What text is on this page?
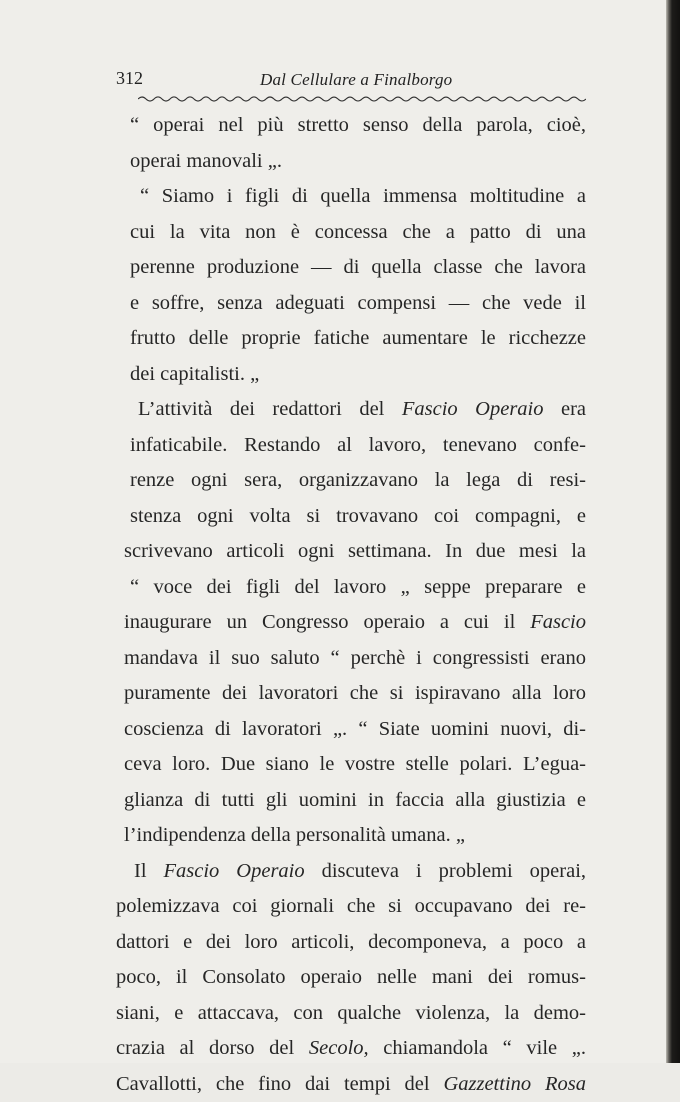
312	Dal Cellulare a Finalborgo
“ operai nel più stretto senso della parola, cioè,
operai manovali „.
“ Siamo i figli di quella immensa moltitudine a
cui la vita non è concessa che a patto di una
perenne produzione — di quella classe che lavora
e soffre, senza adeguati compensi — che vede il
frutto delle proprie fatiche aumentare le ricchezze
dei capitalisti. „
L’attività dei redattori del Fascio Operaio era
infaticabile. Restando al lavoro, tenevano confe-
renze ogni sera, organizzavano la lega di resi-
stenza ogni volta si trovavano coi compagni, e
scrivevano articoli ogni settimana. In due mesi la
“ voce dei figli del lavoro „ seppe preparare e
inaugurare un Congresso operaio a cui il Fascio
mandava il suo saluto “ perchè i congressisti erano
puramente dei lavoratori che si ispiravano alla loro
coscienza di lavoratori „. “ Siate uomini nuovi, di-
ceva loro. Due siano le vostre stelle polari. L’egua-
glianza di tutti gli uomini in faccia alla giustizia e
l’indipendenza della personalità umana. „
Il Fascio Operaio discuteva i problemi operai,
polemizzava coi giornali che si occupavano dei re-
dattori e dei loro articoli, decomponeva, a poco a
poco, il Consolato operaio nelle mani dei romus-
siani, e attaccava, con qualche violenza, la demo-
crazia al dorso del Secolo, chiamandola “ vile „.
Cavallotti, che fino dai tempi del Gazzettino Rosa
